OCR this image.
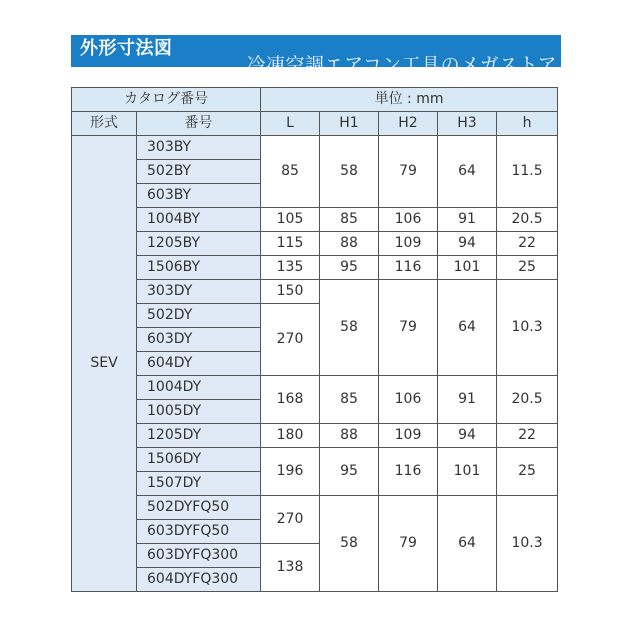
外形寸法図
冷凍空調エアコン工具のメガストア
カタログ番号		単位 : mm				
形式	番号	L	H1	H2	H3	h
SEV	303BY	85	58	79	64	11.5
	502BY					
	603BY					
	1004BY	105	85	106	91	20.5
	1205BY	115	88	109	94	22
	1506BY	135	95	116	101	25
	303DY	150	58	79	64	10.3
	502DY	270				
	603DY					
	604DY					
	1004DY	168	85	106	91	20.5
	1005DY					
	1205DY	180	88	109	94	22
	1506DY	196	95	116	101	25
	1507DY					
	502DYFQ50	270	58	79	64	10.3
	603DYFQ50					
	603DYFQ300	138				
	604DYFQ300					
